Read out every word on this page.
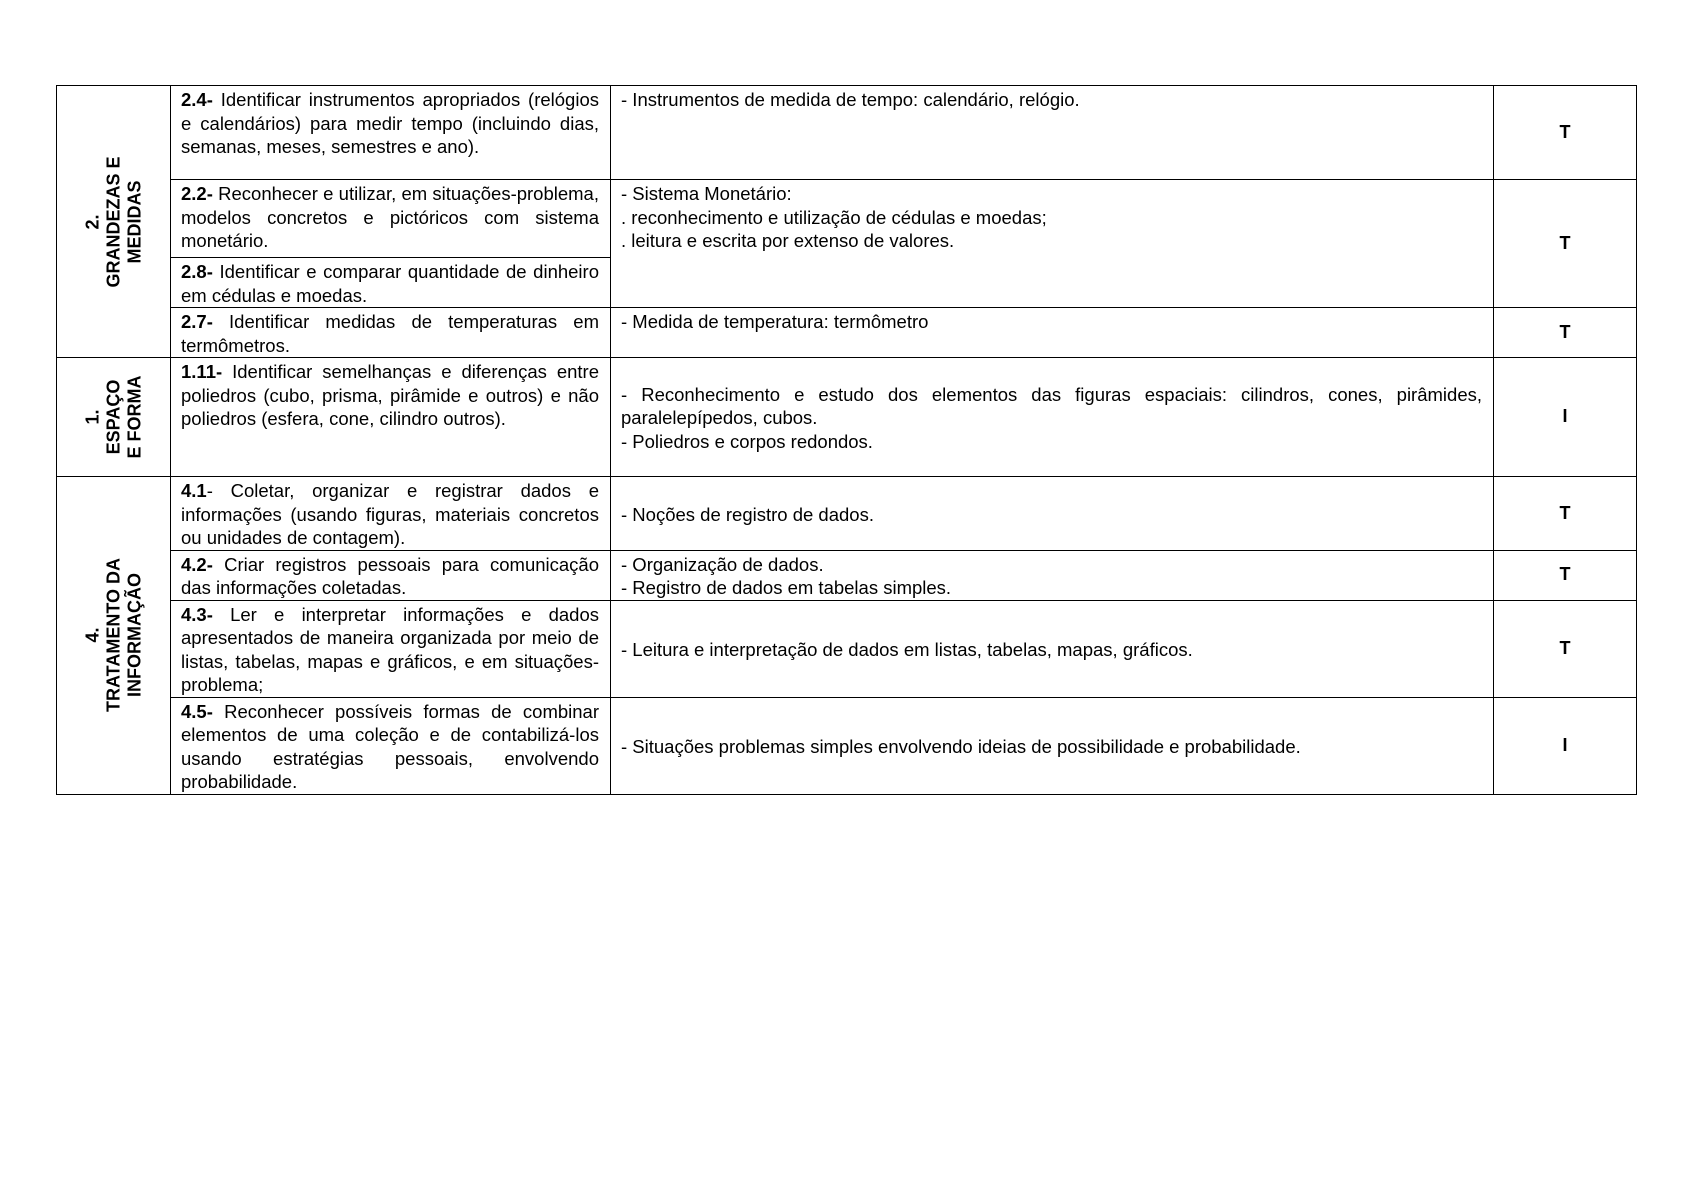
2. GRANDEZAS E MEDIDAS	2.4- Identificar instrumentos apropriados (relógios e calendários) para medir tempo (incluindo dias, semanas, meses, semestres e ano).	- Instrumentos de medida de tempo: calendário, relógio.	T
	2.2- Reconhecer e utilizar, em situações-problema, modelos concretos e pictóricos com sistema monetário.	- Sistema Monetário:
. reconhecimento e utilização de cédulas e moedas;
. leitura e escrita por extenso de valores.	T
	2.8- Identificar e comparar quantidade de dinheiro em cédulas e moedas.		
	2.7- Identificar medidas de temperaturas em termômetros.	- Medida de temperatura: termômetro	T

1. ESPAÇO E FORMA	1.11- Identificar semelhanças e diferenças entre poliedros (cubo, prisma, pirâmide e outros) e não poliedros (esfera, cone, cilindro outros).	- Reconhecimento e estudo dos elementos das figuras espaciais: cilindros, cones, pirâmides, paralelepípedos, cubos.
- Poliedros e corpos redondos.	I

4. TRATAMENTO DA INFORMAÇÃO	4.1- Coletar, organizar e registrar dados e informações (usando figuras, materiais concretos ou unidades de contagem).	- Noções de registro de dados.	T
	4.2- Criar registros pessoais para comunicação das informações coletadas.	- Organização de dados.
- Registro de dados em tabelas simples.	T
	4.3- Ler e interpretar informações e dados apresentados de maneira organizada por meio de listas, tabelas, mapas e gráficos, e em situações-problema;	- Leitura e interpretação de dados em listas, tabelas, mapas, gráficos.	T
	4.5- Reconhecer possíveis formas de combinar elementos de uma coleção e de contabilizá-los usando estratégias pessoais, envolvendo probabilidade.	- Situações problemas simples envolvendo ideias de possibilidade e probabilidade.	I
